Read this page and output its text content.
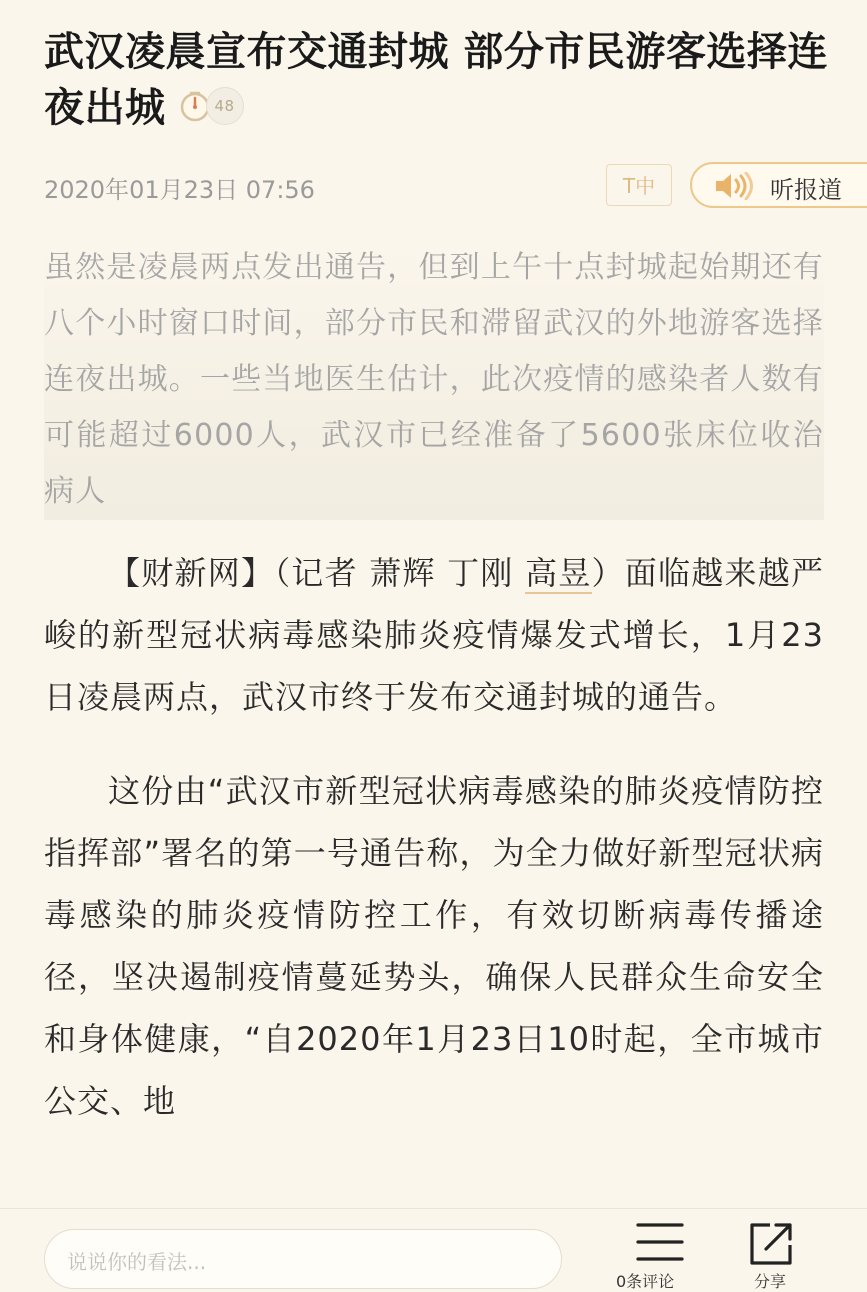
武汉凌晨宣布交通封城 部分市民游客选择连夜出城	48
2020年01月23日 07:56	T中	听报道

虽然是凌晨两点发出通告，但到上午十点封城起始期还有八个小时窗口时间，部分市民和滞留武汉的外地游客选择连夜出城。一些当地医生估计，此次疫情的感染者人数有可能超过6000人，武汉市已经准备了5600张床位收治病人

【财新网】（记者 萧辉 丁刚 高昱）面临越来越严峻的新型冠状病毒感染肺炎疫情爆发式增长，1月23日凌晨两点，武汉市终于发布交通封城的通告。

这份由“武汉市新型冠状病毒感染的肺炎疫情防控指挥部”署名的第一号通告称，为全力做好新型冠状病毒感染的肺炎疫情防控工作，有效切断病毒传播途径，坚决遏制疫情蔓延势头，确保人民群众生命安全和身体健康，“自2020年1月23日10时起，全市城市公交、地

说说你的看法...
0条评论	分享
